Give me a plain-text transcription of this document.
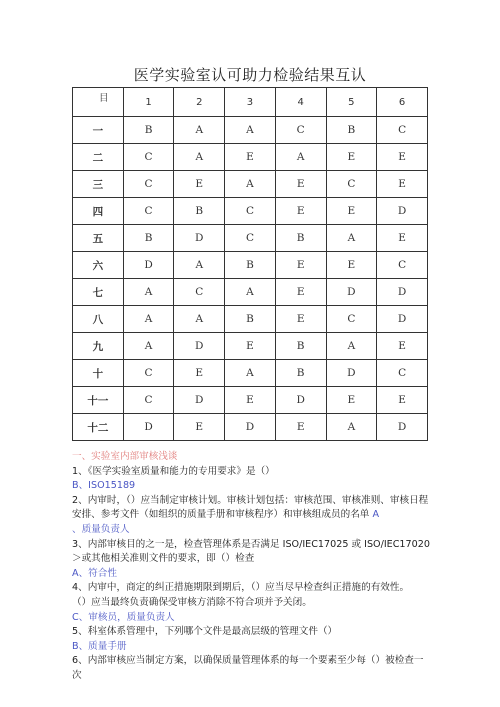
医学实验室认可助力检验结果互认
目	1	2	3	4	5	6
一	B	A	A	C	B	C
二	C	A	E	A	E	E
三	C	E	A	E	C	E
四	C	B	C	E	E	D
五	B	D	C	B	A	E
六	D	A	B	E	E	C
七	A	C	A	E	D	D
八	A	A	B	E	C	D
九	A	D	E	B	A	E
十	C	E	A	B	D	C
十一	C	D	E	D	E	E
十二	D	E	D	E	A	D

一、实验室内部审核浅谈

1、《医学实验室质量和能力的专用要求》是（）

B、ISO15189

2、内审时，（）应当制定审核计划。审核计划包括：审核范围、审核准则、审核日程安排、参考文件（如组织的质量手册和审核程序）和审核组成员的名单 A

、质量负责人

3、内部审核目的之一是，检查管理体系是否满足 ISO/IEC17025 或 ISO/IEC17020＞或其他相关准则文件的要求，即（）检查

A、符合性

4、内审中，商定的纠正措施期限到期后，（）应当尽早检查纠正措施的有效性。

（）应当最终负责确保受审核方消除不符合项并予关闭。

C、审核员，质量负责人

5、科室体系管理中，下列哪个文件是最高层级的管理文件（）

B、质量手册

6、内部审核应当制定方案，以确保质量管理体系的每一个要素至少每（）被检查一次
